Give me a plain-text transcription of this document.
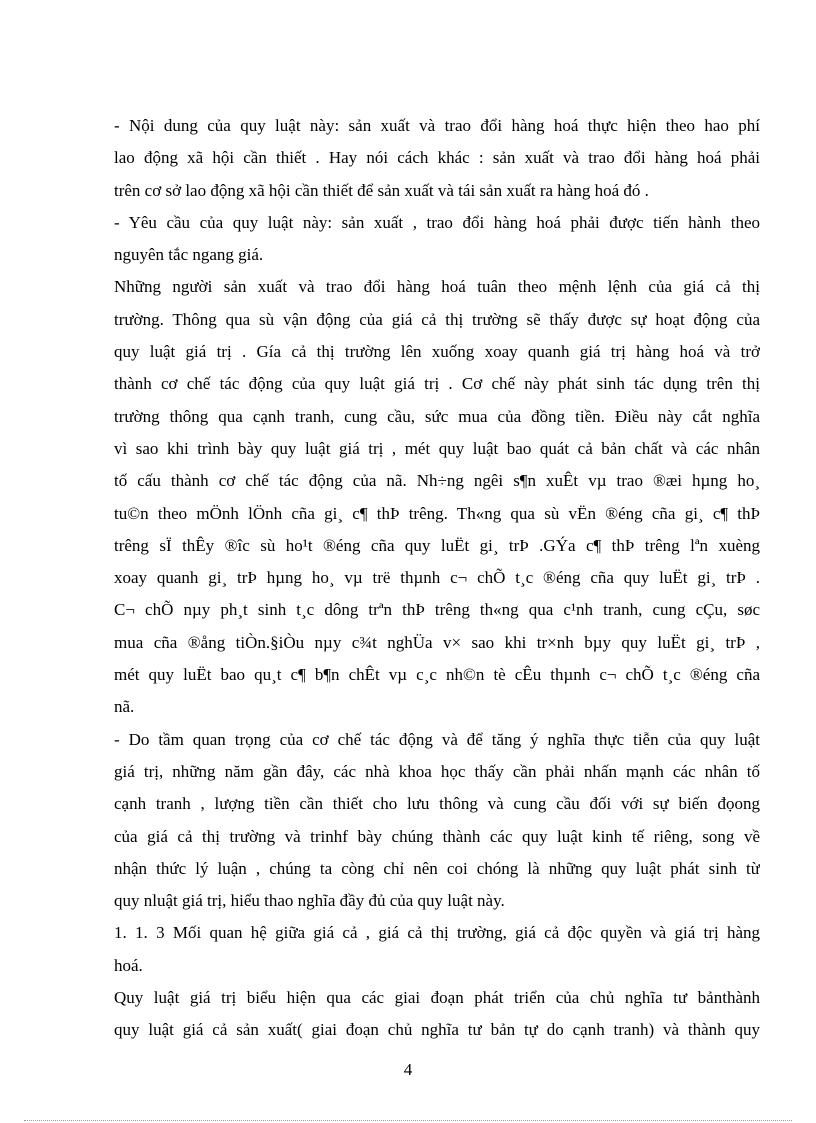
- Nội dung của quy luật này: sản xuất và trao đổi hàng hoá thực hiện theo hao phí
lao động xã hội cần thiết . Hay nói cách khác : sản xuất và trao đổi hàng hoá phải
trên cơ sở lao động xã hội cần thiết để sản xuất và tái sản xuất ra hàng hoá đó .
- Yêu cầu của quy luật này: sản xuất , trao đổi hàng hoá phải được tiến hành theo
nguyên tắc ngang giá.
Những người sản xuất và trao đổi hàng hoá tuân theo mệnh lệnh của giá cả thị
trường. Thông qua sù vận động của giá cả thị trường sẽ thấy được sự hoạt động của
quy luật giá trị . Gía cả thị trường lên xuống xoay quanh giá trị hàng hoá và trở
thành cơ chế tác động của quy luật giá trị . Cơ chế này phát sinh tác dụng trên thị
trường thông qua cạnh tranh, cung cầu, sức mua của đồng tiền. Điều này cắt nghĩa
vì sao khi trình bày quy luật giá trị , mét quy luật bao quát cả bản chất và các nhân
tố cấu thành cơ chế tác động của nã. Nh÷ng ngêi s¶n xuÊt vµ trao ®æi hµng ho¸
tu©n theo mÖnh lÖnh cña gi¸ c¶ thÞ trêng. Th«ng qua sù vËn ®éng cña gi¸ c¶ thÞ
trêng sÏ thÊy ®îc sù ho¹t ®éng cña quy luËt gi¸ trÞ .GÝa c¶ thÞ trêng lªn xuèng
xoay quanh gi¸ trÞ hµng ho¸ vµ trë thµnh c¬ chÕ t¸c ®éng cña quy luËt gi¸ trÞ .
C¬ chÕ nµy ph¸t sinh t¸c dông trªn thÞ trêng th«ng qua c¹nh tranh, cung cÇu, søc
mua cña ®ång tiÒn.§iÒu nµy c¾t nghÜa v× sao khi tr×nh bµy quy luËt gi¸ trÞ ,
mét quy luËt bao qu¸t c¶ b¶n chÊt vµ c¸c nh©n tè cÊu thµnh c¬ chÕ t¸c ®éng cña
nã.
- Do tầm quan trọng của cơ chế tác động và để tăng ý nghĩa thực tiễn của quy luật
giá trị, những năm gần đây, các nhà khoa học thấy cần phải nhấn mạnh các nhân tố
cạnh tranh , lượng tiền cần thiết cho lưu thông và cung cầu đối với sự biến đọong
của giá cả thị trường và trinhf bày chúng thành các quy luật kinh tế riêng, song về
nhận thức lý luận , chúng ta còng chỉ nên coi chóng là những quy luật phát sinh từ
quy nluật giá trị, hiểu thao nghĩa đầy đủ của quy luật này.
1. 1. 3 Mối quan hệ giữa giá cả , giá cả thị trường, giá cả độc quyền và giá trị hàng
hoá.
Quy luật giá trị biểu hiện qua các giai đoạn phát triển của chủ nghĩa tư bảnthành
quy luật giá cả sản xuất( giai đoạn chủ nghĩa tư bản tự do cạnh tranh) và thành quy
4
